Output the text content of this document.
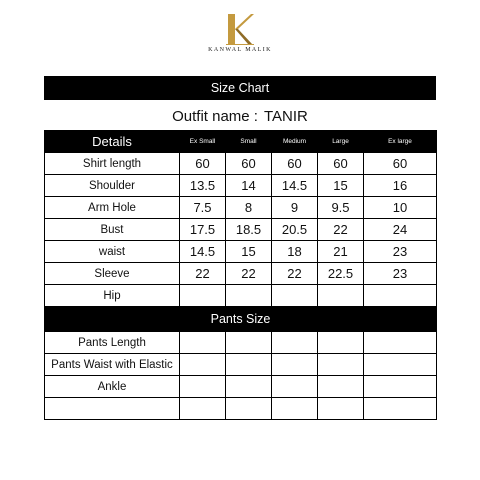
KANWAL MALIK
Size Chart
Outfit name : TANIR
Details	Ex Small	Small	Medium	Large	Ex large
Shirt length	60	60	60	60	60
Shoulder	13.5	14	14.5	15	16
Arm Hole	7.5	8	9	9.5	10
Bust	17.5	18.5	20.5	22	24
waist	14.5	15	18	21	23
Sleeve	22	22	22	22.5	23
Hip					
Pants Size					
Pants Length					
Pants Waist with Elastic					
Ankle					
